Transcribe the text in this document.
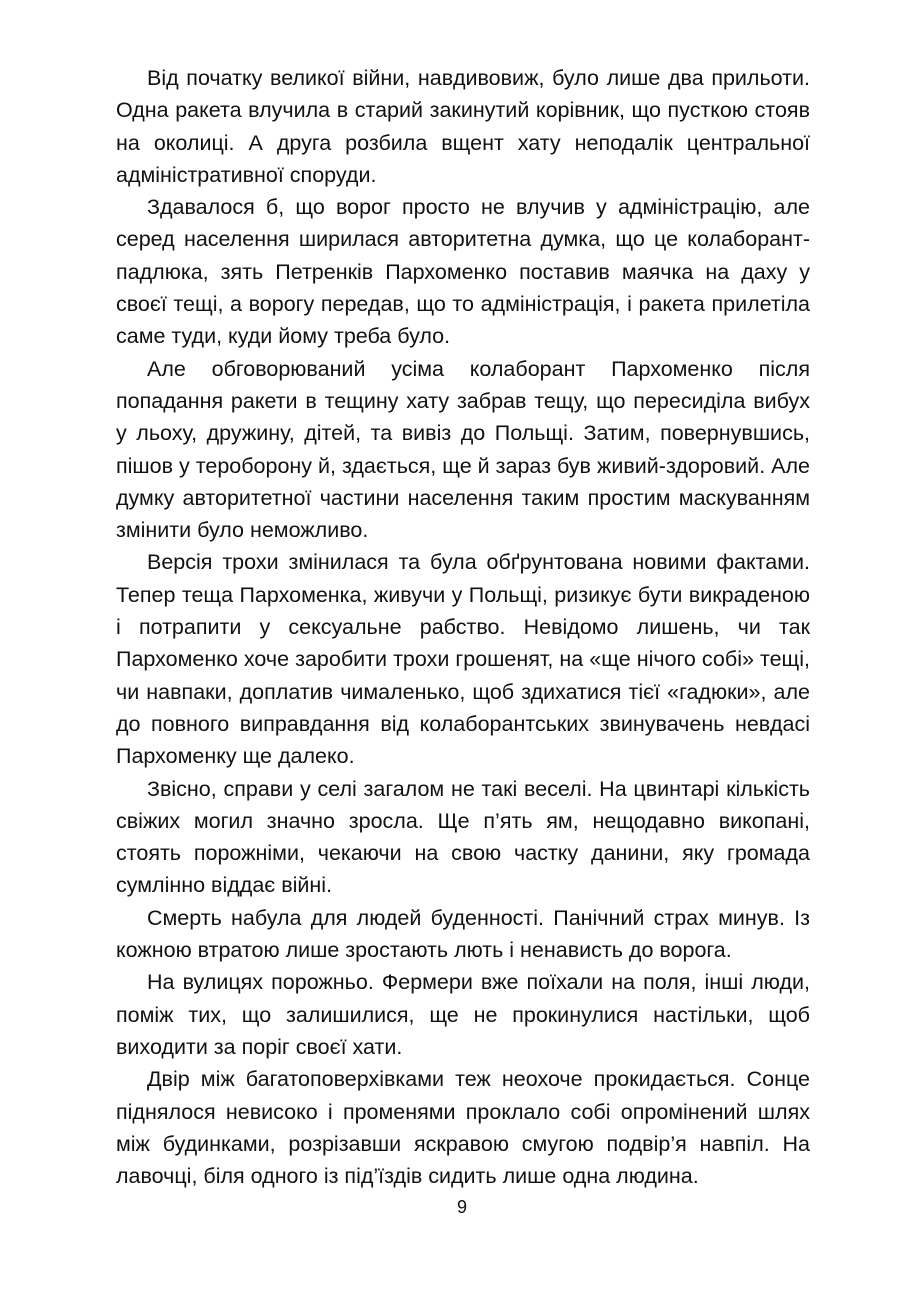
Від початку великої війни, навдивовиж, було лише два прильоти. Одна ракета влучила в старий закинутий корівник, що пусткою стояв на околиці. А друга розбила вщент хату неподалік центральної адміністративної споруди.

Здавалося б, що ворог просто не влучив у адміністрацію, але серед населення ширилася авторитетна думка, що це колаборант-падлюка, зять Петренків Пархоменко поставив маячка на даху у своєї тещі, а ворогу передав, що то адміністрація, і ракета прилетіла саме туди, куди йому треба було.

Але обговорюваний усіма колаборант Пархоменко після попадання ракети в тещину хату забрав тещу, що пересиділа вибух у льоху, дружину, дітей, та вивіз до Польщі. Затим, повернувшись, пішов у тероборону й, здається, ще й зараз був живий-здоровий. Але думку авторитетної частини населення таким простим маскуванням змінити було неможливо.

Версія трохи змінилася та була обґрунтована новими фактами. Тепер теща Пархоменка, живучи у Польщі, ризикує бути викраденою і потрапити у сексуальне рабство. Невідомо лишень, чи так Пархоменко хоче заробити трохи грошенят, на «ще нічого собі» тещі, чи навпаки, доплатив чималенько, щоб здихатися тієї «гадюки», але до повного виправдання від колаборантських звинувачень невдасі Пархоменку ще далеко.

Звісно, справи у селі загалом не такі веселі. На цвинтарі кількість свіжих могил значно зросла. Ще п’ять ям, нещодавно викопані, стоять порожніми, чекаючи на свою частку данини, яку громада сумлінно віддає війні.

Смерть набула для людей буденності. Панічний страх минув. Із кожною втратою лише зростають лють і ненависть до ворога.

На вулицях порожньо. Фермери вже поїхали на поля, інші люди, поміж тих, що залишилися, ще не прокинулися настільки, щоб виходити за поріг своєї хати.

Двір між багатоповерхівками теж неохоче прокидається. Сонце піднялося невисоко і променями проклало собі опромінений шлях між будинками, розрізавши яскравою смугою подвір’я навпіл. На лавочці, біля одного із під’їздів сидить лише одна людина.

9
